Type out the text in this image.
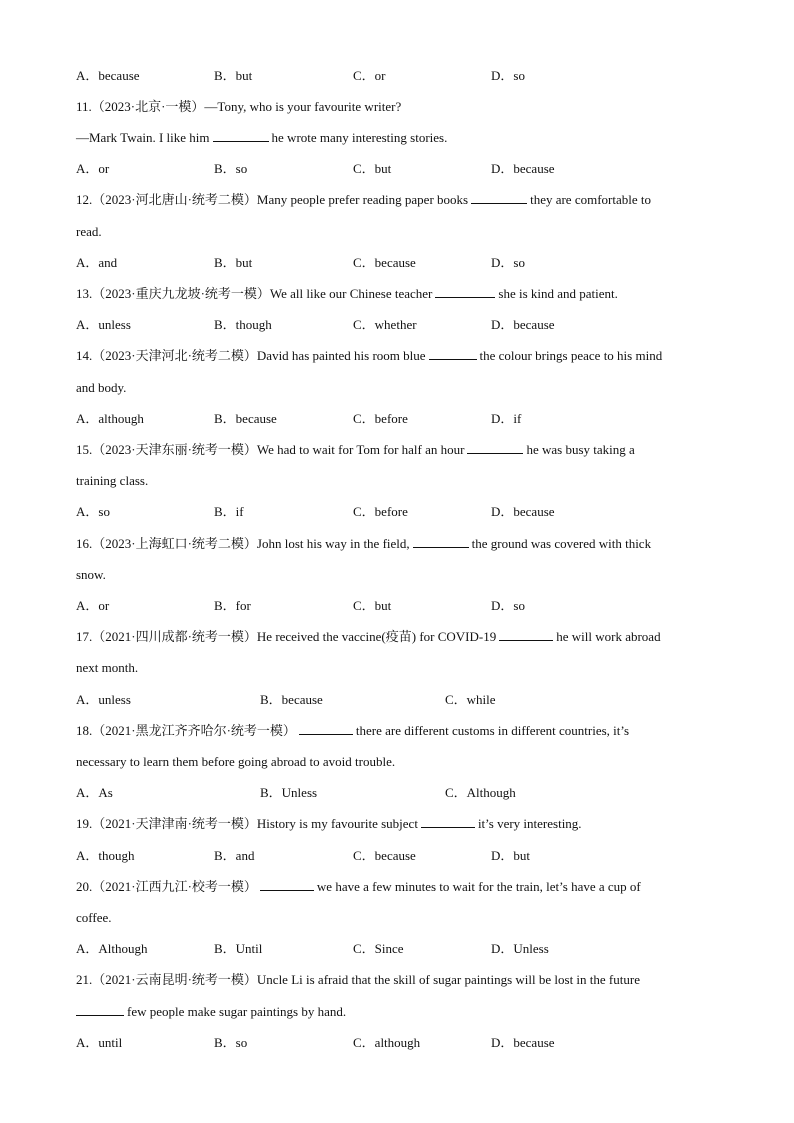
A．because	B．but	C．or	D．so
11.（2023·北京·一模）—Tony, who is your favourite writer?
—Mark Twain. I like him	he wrote many interesting stories.
A．or	B．so	C．but	D．because
12.（2023·河北唐山·统考二模）Many people prefer reading paper books	they are comfortable to
read.
A．and	B．but	C．because	D．so
13.（2023·重庆九龙坡·统考一模）We all like our Chinese teacher	she is kind and patient.
A．unless	B．though	C．whether	D．because
14.（2023·天津河北·统考二模）David has painted his room blue	the colour brings peace to his mind
and body.
A．although	B．because	C．before	D．if
15.（2023·天津东丽·统考一模）We had to wait for Tom for half an hour	he was busy taking a
training class.
A．so	B．if	C．before	D．because
16.（2023·上海虹口·统考二模）John lost his way in the field,	the ground was covered with thick
snow.
A．or	B．for	C．but	D．so
17.（2021·四川成都·统考一模）He received the vaccine(疫苗) for COVID-19	he will work abroad
next month.
A．unless	B．because	C．while
18.（2021·黑龙江齐齐哈尔·统考一模）	there are different customs in different countries, it’s
necessary to learn them before going abroad to avoid trouble.
A．As	B．Unless	C．Although
19.（2021·天津津南·统考一模）History is my favourite subject	it’s very interesting.
A．though	B．and	C．because	D．but
20.（2021·江西九江·校考一模）	we have a few minutes to wait for the train, let’s have a cup of
coffee.
A．Although	B．Until	C．Since	D．Unless
21.（2021·云南昆明·统考一模）Uncle Li is afraid that the skill of sugar paintings will be lost in the future
few people make sugar paintings by hand.
A．until	B．so	C．although	D．because
